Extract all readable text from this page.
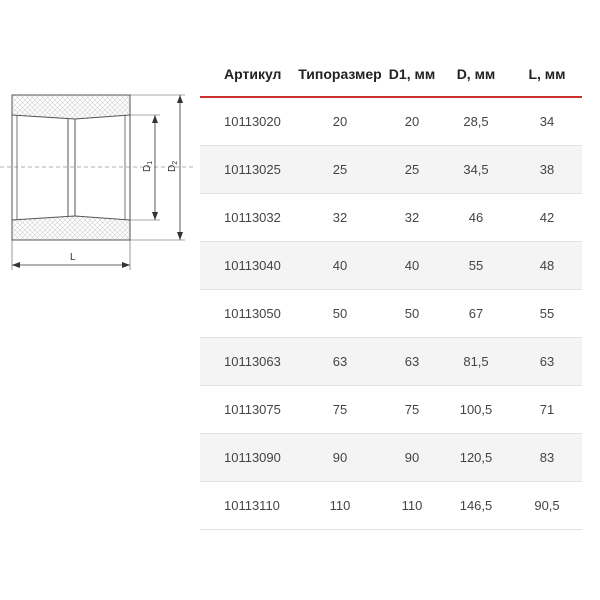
$D_1$
$D_2$
L
Артикул	Типоразмер	D1, мм	D, мм	L, мм
10113020	20	20	28,5	34
10113025	25	25	34,5	38
10113032	32	32	46	42
10113040	40	40	55	48
10113050	50	50	67	55
10113063	63	63	81,5	63
10113075	75	75	100,5	71
10113090	90	90	120,5	83
10113110	110	110	146,5	90,5
